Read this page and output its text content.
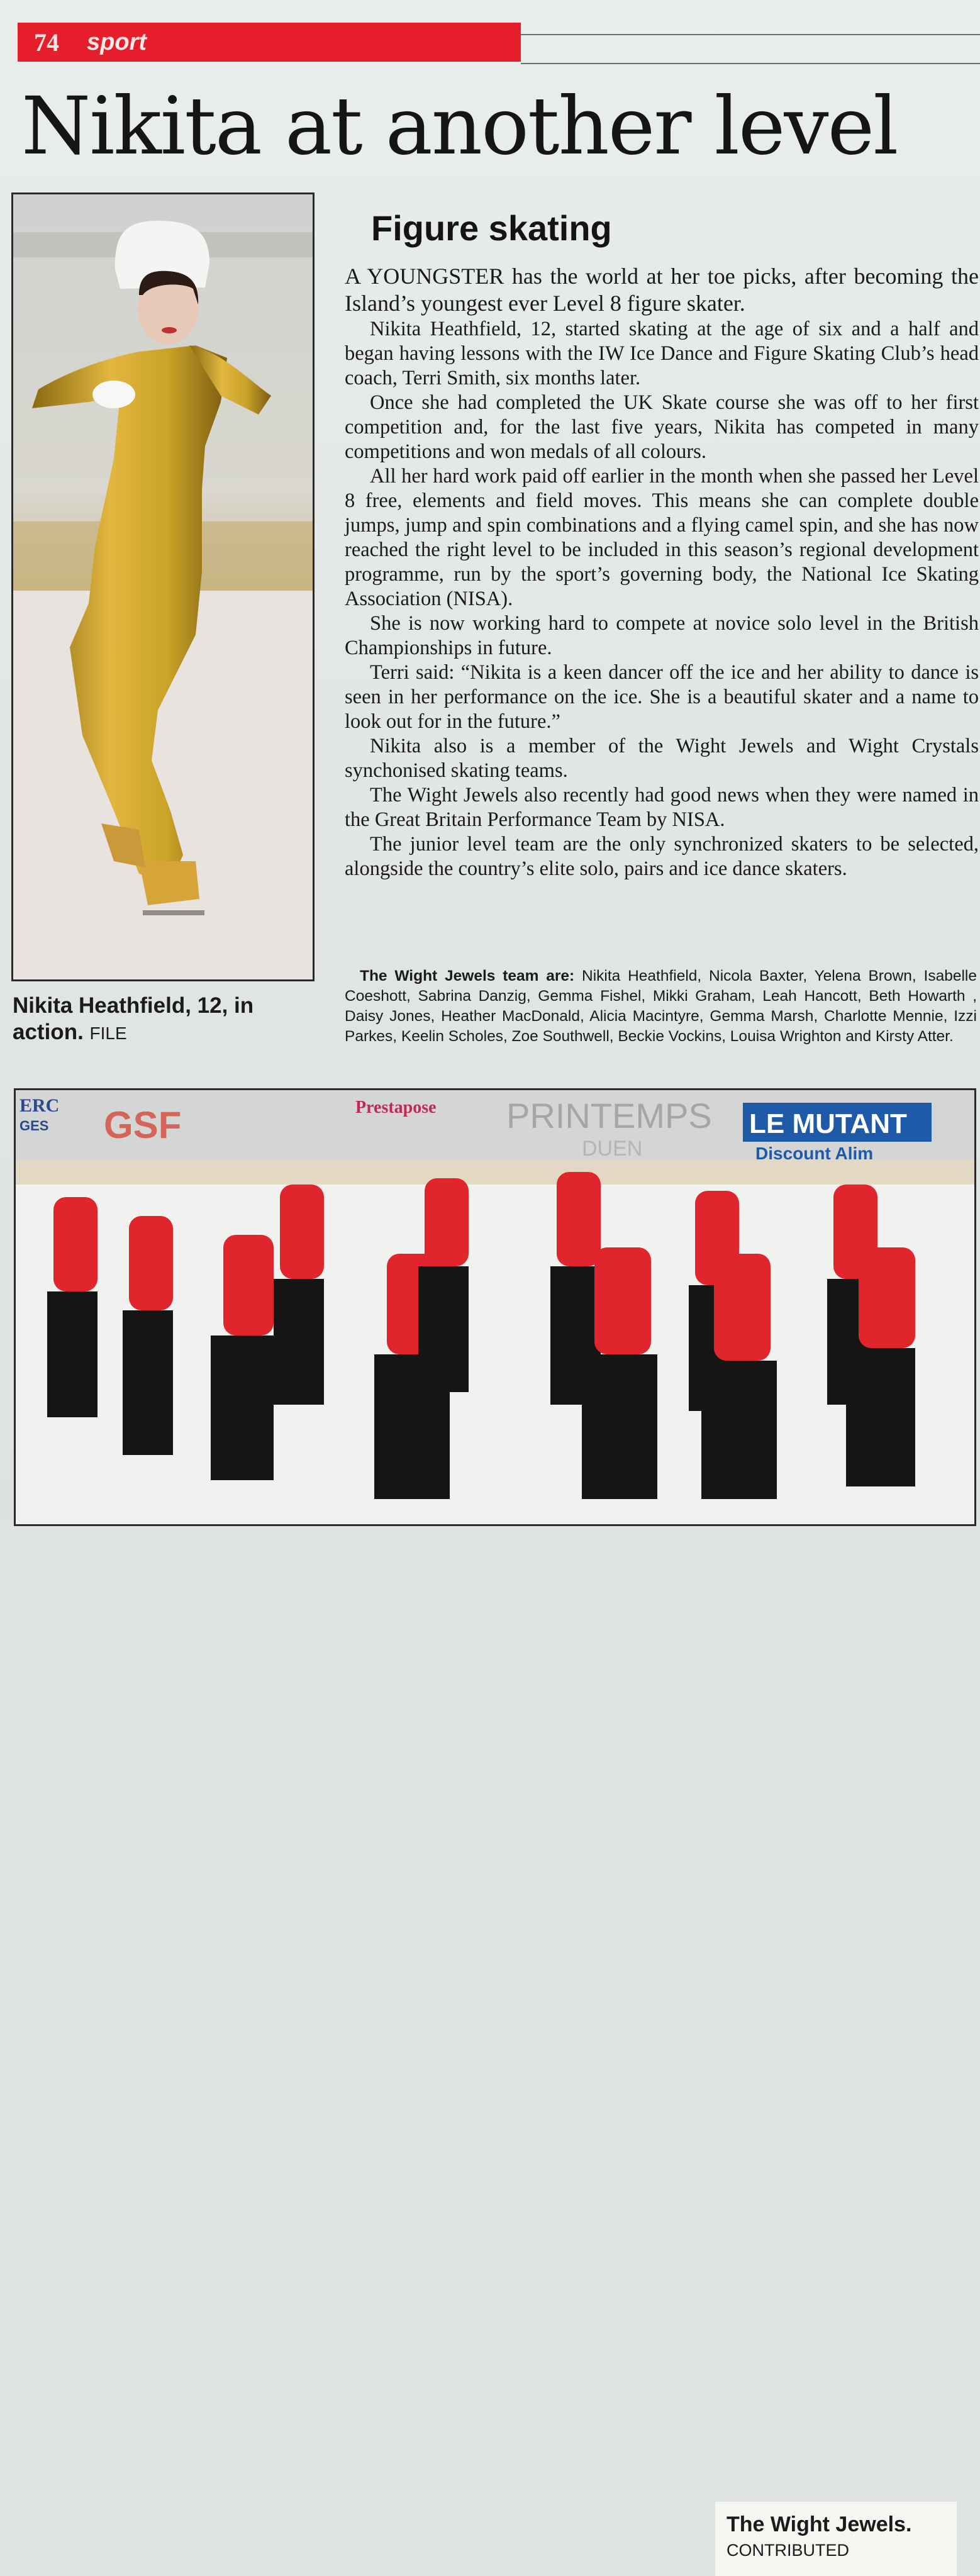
74 sport
Nikita at another level
Nikita Heathfield, 12, in action. FILE
Figure skating

A YOUNGSTER has the world at her toe picks, after becoming the Island’s youngest ever Level 8 figure skater.

Nikita Heathfield, 12, started skating at the age of six and a half and began having lessons with the IW Ice Dance and Figure Skating Club’s head coach, Terri Smith, six months later.

Once she had completed the UK Skate course she was off to her first competition and, for the last five years, Nikita has competed in many competitions and won medals of all colours.

All her hard work paid off earlier in the month when she passed her Level 8 free, elements and field moves. This means she can complete double jumps, jump and spin combinations and a flying camel spin, and she has now reached the right level to be included in this season’s regional development programme, run by the sport’s governing body, the National Ice Skating Association (NISA).

She is now working hard to compete at novice solo level in the British Championships in future.

Terri said: “Nikita is a keen dancer off the ice and her ability to dance is seen in her performance on the ice. She is a beautiful skater and a name to look out for in the future.”

Nikita also is a member of the Wight Jewels and Wight Crystals synchonised skating teams.

The Wight Jewels also recently had good news when they were named in the Great Britain Performance Team by NISA.

The junior level team are the only synchronized skaters to be selected, alongside the country’s elite solo, pairs and ice dance skaters.

The Wight Jewels team are: Nikita Heathfield, Nicola Baxter, Yelena Brown, Isabelle Coeshott, Sabrina Danzig, Gemma Fishel, Mikki Graham, Leah Hancott, Beth Howarth , Daisy Jones, Heather MacDonald, Alicia Macintyre, Gemma Marsh, Charlotte Mennie, Izzi Parkes, Keelin Scholes, Zoe Southwell, Beckie Vockins, Louisa Wrighton and Kirsty Atter.
ERC
GES GSF	Prestapose PRINTEMPS
DUEN
LE MUTANT
Discount Alim
The Wight Jewels.
CONTRIBUTED
